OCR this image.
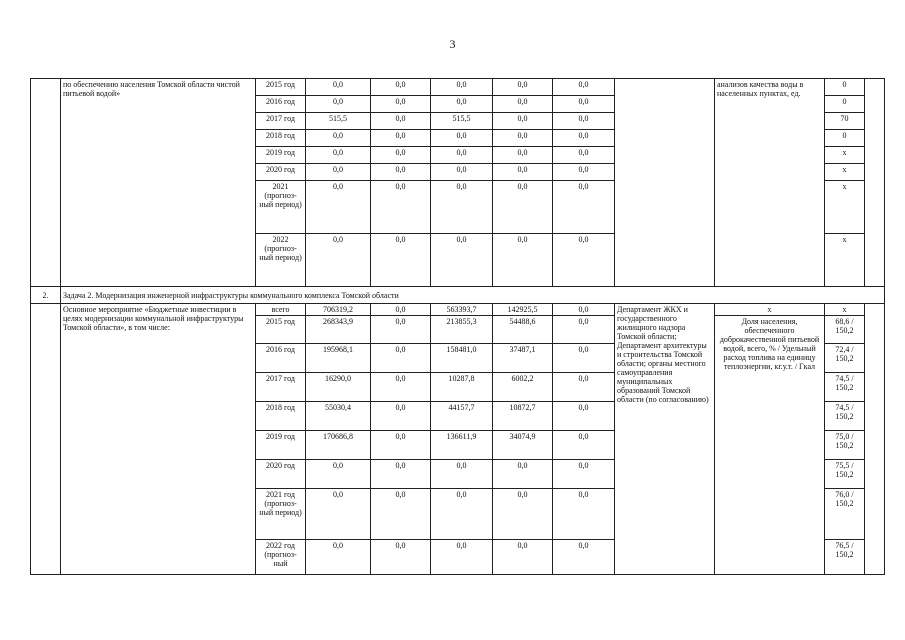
3
	по обеспечению населения Томской области чистой питьевой водой»	2015 год	0,0	0,0	0,0	0,0	0,0		анализов качества воды в населенных пунктах, ед.	0	
		2016 год	0,0	0,0	0,0	0,0	0,0			0	
		2017 год	515,5	0,0	515,5	0,0	0,0			70	
		2018 год	0,0	0,0	0,0	0,0	0,0			0	
		2019 год	0,0	0,0	0,0	0,0	0,0			x	
		2020 год	0,0	0,0	0,0	0,0	0,0			x	
		2021 (прогноз-ный период)	0,0	0,0	0,0	0,0	0,0			x	
		2022 (прогноз-ный период)	0,0	0,0	0,0	0,0	0,0			x	
2.	Задача 2. Модернизация инженерной инфраструктуры коммунального комплекса Томской области										
	Основное мероприятие «Бюджетные инвестиции в целях модернизации коммунальной инфраструктуры Томской области», в том числе:	всего	706319,2	0,0	563393,7	142925,5	0,0	Департамент ЖКХ и государственного жилищного надзора Томской области; Департамент архитектуры и строительства Томской области; органы местного самоуправления муниципальных образований Томской области (по согласованию)	x	x	
		2015 год	268343,9	0,0	213855,3	54488,6	0,0		Доля населения, обеспеченного доброкачественной питьевой водой, всего, % / Удельный расход топлива на единицу теплоэнергии, кг.у.т. / Гкал	68,6 / 150,2	
		2016 год	195968,1	0,0	158481,0	37487,1	0,0			72,4 / 150,2	
		2017 год	16290,0	0,0	10287,8	6002,2	0,0			74,5 / 150,2	
		2018 год	55030,4	0,0	44157,7	10872,7	0,0			74,5 / 150,2	
		2019 год	170686,8	0,0	136611,9	34074,9	0,0			75,0 / 150,2	
		2020 год	0,0	0,0	0,0	0,0	0,0			75,5 / 150,2	
		2021 год (прогноз-ный период)	0,0	0,0	0,0	0,0	0,0			76,0 / 150,2	
		2022 год (прогноз-ный	0,0	0,0	0,0	0,0	0,0			76,5 / 150,2	
